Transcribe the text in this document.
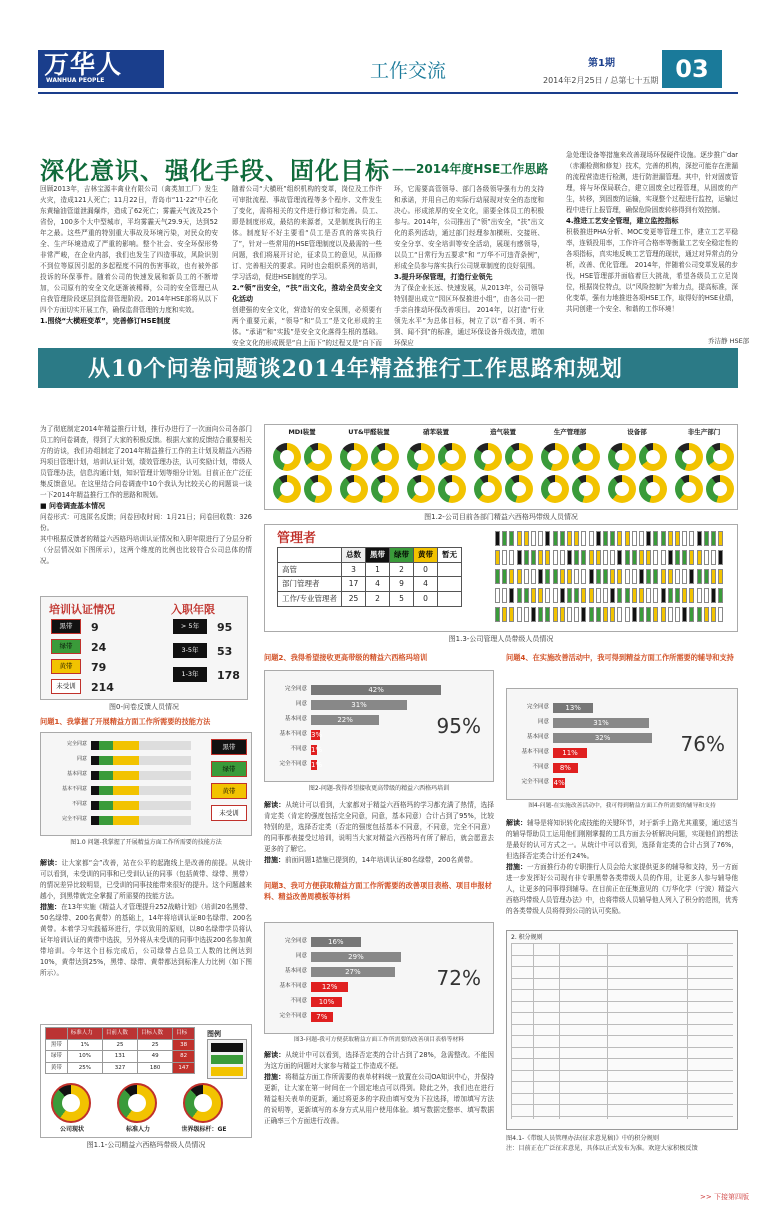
万华人
WANHUA PEOPLE	工作交流	第1期
2014年2月25日 / 总第七十五期 03
深化意识、强化手段、固化目标 ——2014年度HSE工作思路
回顾2013年，吉林宝源丰禽业有限公司（禽类加工厂）发生火灾，造成121人死亡；11月22日，青岛市“11·22”中石化东黄输油管道泄漏爆炸，造成了62死亡；雾霾天气波及25个省份，100多个大中型城市，平均雾霾天气29.9天，达到52年之最。这些严重的特别重大事故及环境污染，对民众的安全、生产环境造成了严重的影响。整个社会、安全环保形势非常严峻，在企业内部，我们也发生了四造事故，风险识别不到位等原因引起的多起程度不同的伤害事故，也有被外部投诉的环保事件。随着公司的快速发展和新员工的不断增加，公司原有的安全文化逐渐被稀释，公司的安全管理已从自我管理阶段逐层到监督管理阶段。2014年HSE部将从以下四个方面切实开展工作，确保监督管理的力度和实效。
1.围绕“大横班变革”，完善修订HSE制度
随着公司“大横班”组织机构的变革，岗位及工作许可审批流程、事故管理流程等多个程序、文件发生了变化，需将相关的文件进行修订和完善。员工、即是制度形成，最结的来源者，又是制度执行的主体。制度好不好主要看“员工是否真的落实执行了”，针对一些常用的HSE管理制度以及最需的一些问题，我们将展开讨论，征求员工的意见，从而修订、完善相关的要求。同时也会组织系列的培训，学习活动，促进HSE制度的学习。
2.“领”出安全，“扶”出文化，推动全员安全文化活动
创建强的安全文化，营造好的安全氛围，必须要有两个重要元素，“领导”和“员工”是文化形成的主体。“承诺”和“实践”是安全文化落得生根的基础。安全文化的形成既是“自上而下”的过程又是“自下而
环，它需要高管领导、部门各级领导强有力的支持和承诺，并用自己的实际行动展现对安全的态度和决心。形成浓厚的安全文化，需要全体员工的积极参与。2014年，公司推出了“领”出安全，“扶”出文化的系列活动，通过部门经理参加横班、交接班、安全分享、安全培训等安全活动，展现有感领导，以员工“日常行为五要求”和 “万华不可违背条例”，形成全员参与落实执行公司规章制度的良好氛围。
3.提升环保管理，打造行业领先
为了保企业长远、快速发展，从2013年，公司领导特别提出成立“园区环保推进小组”，由各公司一把手亲自推动环保改善项目。 2014年，以打造“行业领先水平”为总体目标，树立了以“看不到、听不到、闻不到”的标准，通过环保设备升级改造，增加环保应
急处理设备等措施来改善现场环保硬件设施。逐步推广dar（赤潮检测和修复）技术，完善的机构，深挖可能存在泄漏的流程营造进行检测，进行防泄漏管理。其中，针对固废管理，将与环保局联合，建立固废全过程管理，从固废的产生，转移，到固废的运输，实现整个过程进行监控，运输过程中进行上报管理，确保危险固废转移得到有效控制。
4.推进工艺安全管理，建立监控指标
积极推进PHA分析、MOC变更等管理工作，建立工艺平稳率，连锁投用率，工作许可合格率等衡量工艺安全稳定性的各项指标，真实地反映工艺管理的现状，通过对异常点的分析，改善、优化管理。 2014年，伴随着公司变革发展的步伐，HSE管理部并面临着巨大挑战，希望各级员工立足岗位，根据岗位特点，以“风险控制”为着力点，提高标准，深化变革，强有力地推进各项HSE工作，取得好的HSE业绩，共同创建一个安全、和谐的工作环境！
乔洁静 HSE部
从10个问卷问题谈2014年精益推行工作思路和规划
为了彻底制定2014年精益推行计划，推行办进行了一次面向公司各部门员工的问卷调查，得到了大家的积极反馈。根据大家的反馈结合重要相关方的访谈，我们办组制定了2014年精益推行工作的主计划及精益六西格玛项目管理计划，培训认证计划，绩效管理办法，认可奖励计划，带级人员管理办法，信息沟通计划，知识管理计划等细分计划。目前正在广泛征集反馈意见。在这里结合问卷调查中10个我认为比较关心的问题谈一谈一下2014年精益推行工作的思路和规划。
■ 问卷调查基本情况
问卷形式：可选匿名反馈；问卷回收时间：1月21日；问卷回收数：326份。
其中根据反馈者的精益六西格玛培训认证情况和入职年限进行了分层分析（分层情况如下图所示），这两个维度的比例也比较符合公司总体的情况。
培训认证情况	入职年限
黑带	9
绿带	24
黄带	79
未受训	214
> 5年	95
3-5年	53
1-3年	178
图0-问卷反馈人员情况
问题1、我掌握了开展精益方面工作所需要的技能方法
完全同意
同意
基本同意
基本不同意
不同意
完全不同意
黑带
绿带
黄带
未受训
图1.0 问题-我掌握了开展精益方面工作所需要的技能方法
解读：让大家都“会”改善，站在公平的起跑线上是改善的前提。从统计可以看到，未受训的同事和已受训认证的同事（包括黄带、绿带、黑带）的情况差异比较明显，已受训的同事技能带来很好的提升。这个问题越来越小，到黑带就完全掌握了所需要的技能方法。
措施：在13年实施《精益人才管理提升252战略计划》（培训20名黑带、50名绿带、200名黄带）的基础上，14年将培训认证80名绿带、200名黄带。本着学习实践循环进行，学以致用的原则，以80名绿带学员将认证年培训认证的黄带中选拔，另外将从未受训的同事中选拔200名参加黄带培训。今年这个目标完成后，公司绿带占总员工人数的比例达到10%，黄带达到25%，黑带、绿带、黄带都达到标准人力比例（如下图所示）。
	标准人力	目前人数	目标人数	目标
黑带	1%	25	25	38
绿带	10%	131	49	82
黄带	25%	327	180	147
图例
公司现状	标准人力	世界级标杆：GE
图1.1-公司精益六西格玛带级人员情况
MDI装置	UT&甲醛装置	硝苯装置	造气装置	生产管理部	设备部	非生产部门
图1.2-公司目前各部门精益六西格玛带级人员情况
管理者
	总数	黑带	绿带	黄带	暂无
高管	3	1	2	0	
部门管理者	17	4	9	4	
工作/专业管理者	25	2	5	0	
图1.3-公司管理人员带级人员情况
问题2、我得希望接收更高带级的精益六西格玛培训
完全同意	42%
同意	31%
基本同意	22%
基本不同意 3%
不同意 1%
完全不同意 1%
95%
图2-问题-我得希望接收更高带级的精益六西格玛培训
解读：从统计可以看到，大家都对于精益六西格玛的学习都充满了热情，选择肯定类（肯定的强度包括完全同意，同意，基本同意）合计占到了95%，比较特别的是，选择否定类（否定的强度包括基本不同意，不同意，完全不同意）的同事都表接受过培训，说明当大家对精益六西格玛有所了解后，就会愿意去更多的了解它。
措施：前面问题1措施已提到的，14年培训认证80名绿带，200名黄带。
问题3、我可方便获取精益方面工作所需要的改善项目表格、项目申报材料、精益改善周模板等材料
完全同意	16%
同意	29%
基本同意	27%
基本不同意	12%
不同意	10%
完全不同意	7%
72%
图3-问题-我可方便获取精益方面工作所需要的改善项目表格等材料
解读：从统计中可以看到，选择否定类的合计占到了28%，急需整改。不能因为这方面的问题对大家参与精益工作造成不便。
措施：将精益方面工作所需要的表单材料统一放置在公司OA知识中心，并保持更新，让大家在第一时间在一个固定地点可以得到。除此之外，我们也在进行精益相关表单的更新，通过将更多的字段由填写变为下拉选择，增加填写方法的说明等，更新填写的本身方式从用户使用体验。填写数据完整率、填写数据正确率三个方面进行改善。
问题4、在实施改善活动中，我可得到精益方面工作所需要的辅导和支持
完全同意	13%
同意	31%
基本同意	32%
基本不同意	11%
不同意	8%
完全不同意 4%
76%
图4-问题-在实施改善活动中，我可得到精益方面工作所需要的辅导和支持
解读：辅导是将知识转化成技能的关键环节，对于新手上路尤其重要，通过送当的辅导帮助员工运用他们刚刚掌握的工具方面去分析解决问题，实现他们的想法是最好的认可方式之一。从统计中可以看到，选择肯定类的合计占到了76%，但选择否定类合计还有24%。
措施：一方面推行办的专职推行人员会给大家提供更多的辅导和支持，另一方面进一步发挥好公司现有非专职黑带各类带级人员的作用，让更多人参与辅导他人，让更多的同事得到辅导。在目前正在征集意见的《万华化学（宁波）精益六西格玛带级人员管理办法》中，也将带级人员辅导他人列入了积分的范围，优秀的各类带级人员将得到公司的认可奖励。
2. 积分规则
图4.1-《带级人员管理办法(征求意见稿)》中的积分规则
注：目前正在广泛征求意见，具体以正式发布为准。欢迎大家积极反馈
>> 下接第四版
